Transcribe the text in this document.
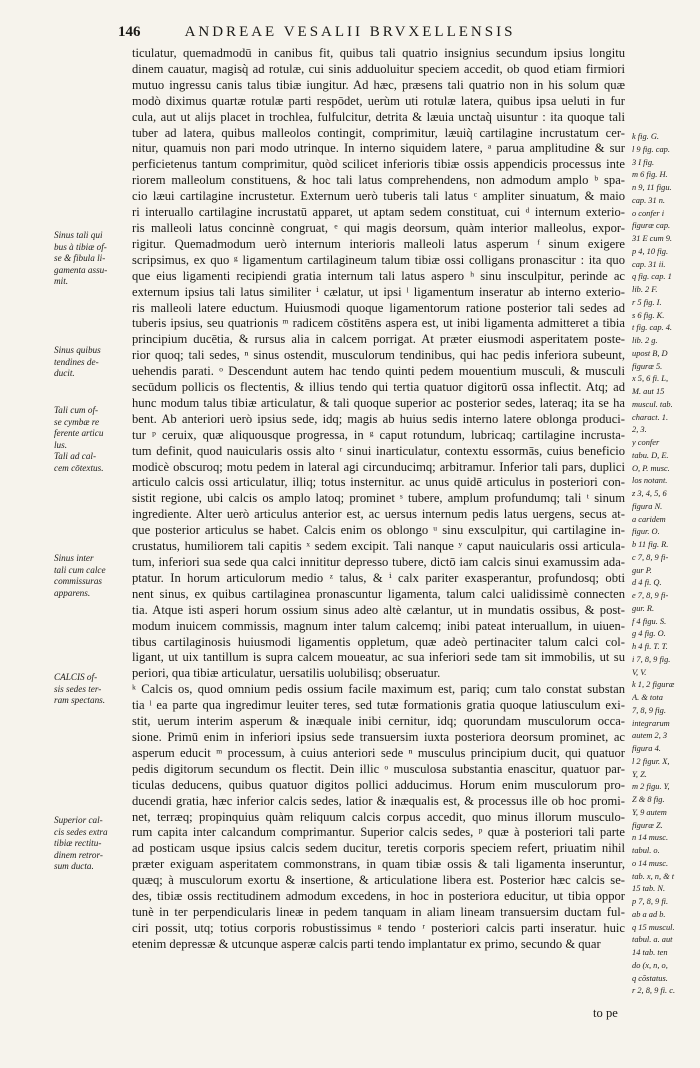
146	ANDREAE VESALII BRVXELLENSIS
ticulatur, quemadmodū in canibus fit, quibus tali quatrio insignius secundum ipsius longitu
dinem cauatur, magisq̀ ad rotulæ, cui sinis adduoluitur speciem accedit, ob quod etiam firmiori
mutuo ingressu canis talus tibiæ iungitur. Ad hæc, præsens tali quatrio non in his solum quæ
modò diximus quartæ rotulæ parti respōdet, uerùm uti rotulæ latera, quibus ipsa ueluti in fur
cula, aut ut alijs placet in trochlea, fulfulcitur, detrita & læuia unctaq̀ uisuntur : ita quoque tali
tuber ad latera, quibus malleolos contingit, comprimitur, læuiq̀ cartilagine incrustatum cer-
nitur, quamuis non pari modo utrinque. In interno siquidem latere, ᵃ parua amplitudine & sur
perficietenus tantum comprimitur, quòd scilicet inferioris tibiæ ossis appendicis processus inte
riorem malleolum constituens, & hoc tali latus comprehendens, non admodum amplo ᵇ spa-
cio læui cartilagine incrustetur. Externum uerò tuberis tali latus ᶜ ampliter sinuatum, & maio
ri interuallo cartilagine incrustatū apparet, ut aptam sedem constituat, cui ᵈ internum exterio-
ris malleoli latus concinnè congruat, ᵉ qui magis deorsum, quàm interior malleolus, expor-
rigitur. Quemadmodum uerò internum interioris malleoli latus asperum ᶠ sinum exigere
scripsimus, ex quo ᵍ ligamentum cartilagineum talum tibiæ ossi colligans pronascitur : ita quo
que eius ligamenti recipiendi gratia internum tali latus aspero ʰ sinu insculpitur, perinde ac
externum ipsius tali latus similiter ⁱ cælatur, ut ipsi ˡ ligamentum inseratur ab interno exterio-
ris malleoli latere eductum. Huiusmodi quoque ligamentorum ratione posterior tali sedes ad
tuberis ipsius, seu quatrionis ᵐ radicem cōstitēns aspera est, ut inibi ligamenta admitteret a tibia
principium ducētia, & rursus alia in calcem porrigat. At præter eiusmodi asperitatem poste-
rior quoq; tali sedes, ⁿ sinus ostendit, musculorum tendinibus, qui hac pedis inferiora subeunt,
uehendis parati. ᵒ Descendunt autem hac tendo quinti pedem mouentium musculi, & musculi
secūdum pollicis os flectentis, & illius tendo qui tertia quatuor digitorū ossa inflectit. Atq; ad
hunc modum talus tibiæ articulatur, & tali quoque superior ac posterior sedes, lateraq; ita se ha
bent. Ab anteriori uerò ipsius sede, idq; magis ab huius sedis interno latere oblonga produci-
tur ᵖ ceruix, quæ aliquousque progressa, in ᵍ caput rotundum, lubricaq; cartilagine incrusta-
tum definit, quod nauicularis ossis alto ʳ sinui inarticulatur, contextu essormās, cuius beneficio
modicè obscuroq; motu pedem in lateral agi circunducimq; arbitramur. Inferior tali pars, duplici
articulo calcis ossi articulatur, illiq; totus insternitur. ac unus quidē articulus in posteriori con-
sistit regione, ubi calcis os amplo latoq; prominet ˢ tubere, amplum profundumq; tali ᵗ sinum
ingrediente. Alter uerò articulus anterior est, ac uersus internum pedis latus uergens, secus at-
que posterior articulus se habet. Calcis enim os oblongo ᵘ sinu exsculpitur, qui cartilagine in-
crustatus, humiliorem tali capitis ˣ sedem excipit. Tali nanque ʸ caput nauicularis ossi articula-
tum, inferiori sua sede qua calci innititur depresso tubere, dictō iam calcis sinui examussim ada-
ptatur. In horum articulorum medio ᶻ talus, & ⁱ calx pariter exasperantur, profundosq; obti
nent sinus, ex quibus cartilaginea pronascuntur ligamenta, talum calci ualidissimè connecten
tia. Atque isti asperi horum ossium sinus adeo altè cælantur, ut in mundatis ossibus, & post-
modum inuicem commissis, magnum inter talum calcemq; inibi pateat interuallum, in uiuen-
tibus cartilaginosis huiusmodi ligamentis oppletum, quæ adeò pertinaciter talum calci col-
ligant, ut uix tantillum is supra calcem moueatur, ac sua inferiori sede tam sit immobilis, ut su
periori, qua tibiæ articulatur, uersatilis uolubilisq; obseruatur.
ᵏ Calcis os, quod omnium pedis ossium facile maximum est, pariq; cum talo constat substan
tia ˡ ea parte qua ingredimur leuiter teres, sed tutæ formationis gratia quoque latiusculum exi-
stit, uerum interim asperum & inæquale inibi cernitur, idq; quorundam musculorum occa-
sione. Primū enim in inferiori ipsius sede transuersim iuxta posteriora deorsum prominet, ac
asperum educit ᵐ processum, à cuius anteriori sede ⁿ musculus principium ducit, qui quatuor
pedis digitorum secundum os flectit. Dein illic ᵒ musculosa substantia enascitur, quatuor par-
ticulas deducens, quibus quatuor digitos pollici adducimus. Horum enim musculorum pro-
ducendi gratia, hæc inferior calcis sedes, latior & inæqualis est, & processus ille ob hoc promi-
net, terræq; propinquius quàm reliquum calcis corpus accedit, quo minus illorum musculo-
rum capita inter calcandum comprimantur. Superior calcis sedes, ᵖ quæ à posteriori tali parte
ad posticam usque ipsius calcis sedem ducitur, teretis corporis speciem refert, priuatim nihil
præter exiguam asperitatem commonstrans, in quam tibiæ ossis & tali ligamenta inseruntur,
quæq; à musculorum exortu & insertione, & articulatione libera est. Posterior hæc calcis se-
des, tibiæ ossis rectitudinem admodum excedens, in hoc in posteriora educitur, ut tibia oppor
tunè in ter perpendicularis lineæ in pedem tanquam in aliam lineam transuersim ductam ful-
ciri possit, utq; totius corporis robustissimus ᵍ tendo ʳ posteriori calcis parti inseratur. huic
etenim depressæ & utcunque asperæ calcis parti tendo implantatur ex primo, secundo & quar
to pe
Sinus tali qui
bus à tibiæ of-
se & fibula li-
gamenta assu-
mit.
Sinus quibus
tendines de-
ducit.
Tali cum of-
se cymbæ re
ferente articu
lus.
Tali ad cal-
cem cōtextus.
Sinus inter
tali cum calce
commissuras
apparens.
CALCIS of-
sis sedes ter-
ram spectans.
Superior cal-
cis sedes extra
tibiæ rectitu-
dinem retror-
sum ducta.
k fig. G.
l 9 fig. cap.
3 I fig.
m 6 fig. H.
n 9, 11 figu.
cap. 31 n.
o confer i
figuræ cap.
31 E cum 9.
p 4, 10 fig.
cap. 31 ii.
q fig. cap. 1
lib. 2 F.
r 5 fig. I.
s 6 fig. K.
t fig. cap. 4.
lib. 2 g.
upost B, D
figuræ 5.
x 5, 6 fi. L,
M. aut 15
muscul. tab.
charact. 1.
2, 3.
y confer
tabu. D, E.
O, P. musc.
los notant.
z 3, 4, 5, 6
figura N.
a caridem
figur. O.
b 11 fig. R.
c 7, 8, 9 fi-
gur P.
d 4 fi. Q.
e 7, 8, 9 fi-
gur. R.
f 4 figu. S.
g 4 fig. O.
h 4 fi. T. T.
i 7, 8, 9 fig.
V, V.
k 1, 2 figuræ
A. & tota
7, 8, 9 fig.
integrarum
autem 2, 3
figura 4.
l 2 figur. X,
Y, Z.
m 2 figu. Y,
Z & 8 fig.
Y, 9 autem
figuræ Z.
n 14 musc.
tabul. o.
o 14 musc.
tab. x, n, & t
15 tab. N.
p 7, 8, 9 fi.
ab a ad b.
q 15 muscul.
tabul. a. aut
14 tab. ten
do (x, n, o,
q cōstatus.
r 2, 8, 9 fi. c.
